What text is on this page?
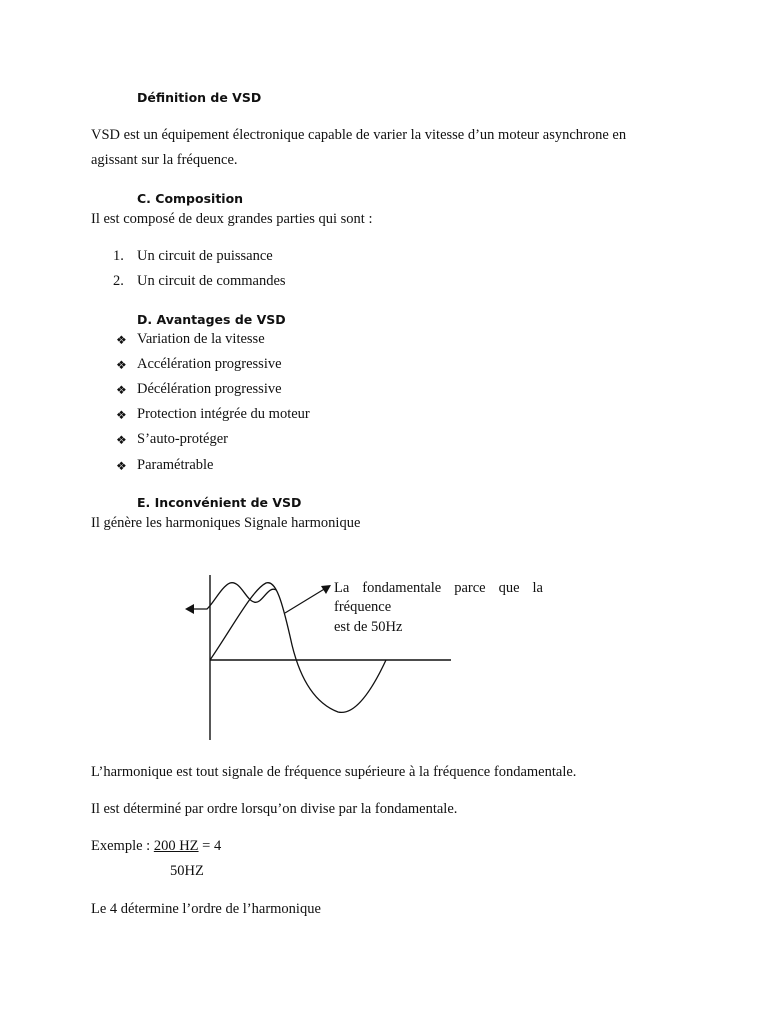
Définition de VSD
VSD est un équipement électronique capable de varier la vitesse d’un moteur asynchrone en
agissant sur la fréquence.
C. Composition
Il est composé de deux grandes parties qui sont :
1. Un circuit de puissance
2. Un circuit de commandes
D. Avantages de VSD
❖ Variation de la vitesse
❖ Accélération progressive
❖ Décélération progressive
❖ Protection intégrée du moteur
❖ S’auto-protéger
❖ Paramétrable
E. Inconvénient de VSD
Il génère les harmoniques Signale harmonique
La fondamentale parce que la
fréquence
est de 50Hz
L’harmonique est tout signale de fréquence supérieure à la fréquence fondamentale.
Il est déterminé par ordre lorsqu’on divise par la fondamentale.
Exemple : 200 HZ = 4
50HZ
Le 4 détermine l’ordre de l’harmonique
